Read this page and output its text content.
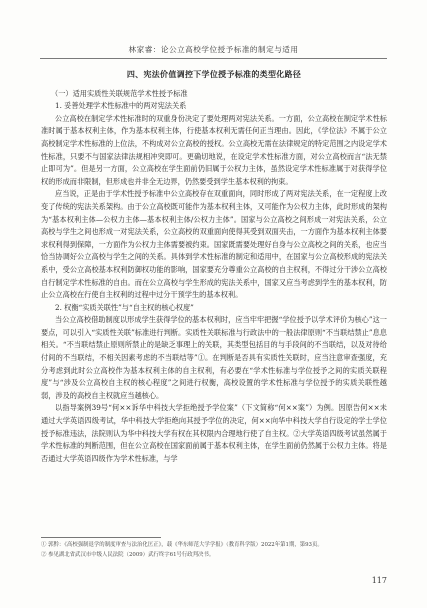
林家睿：论公立高校学位授予标准的制定与适用

四、宪法价值调控下学位授予标准的类型化路径

（一）适用实质性关联规范学术性授予标准

1. 妥善处理学术性标准中的两对宪法关系

公立高校在制定学术性标准时的双重身份决定了要处理两对宪法关系。一方面，公立高校在制定学术性标准时属于基本权利主体，作为基本权利主体，行使基本权利无需任何正当理由。因此，《学位法》不属于公立高校制定学术性标准的上位法，不构成对公立高校的授权。公立高校无需在法律规定的特定范围之内设定学术性标准，只要不与国家法律法规相冲突即可。更确切地说，在设定学术性标准方面，对公立高校而言“法无禁止即可为”。但是另一方面，公立高校在学生面前仍旧属于公权力主体，虽然设定学术性标准属于对获得学位权的形成而非限制，但形成也并非全无边界，仍然要受到学生基本权利的拘束。

应当说，正是由于学术性授予标准中公立高校存在双重面向，同时形成了两对宪法关系，在一定程度上改变了传统的宪法关系架构。由于公立高校既可能作为基本权利主体，又可能作为公权力主体，此时形成的架构为“基本权利主体—公权力主体—基本权利主体/公权力主体”。国家与公立高校之间形成一对宪法关系，公立高校与学生之间也形成一对宪法关系，公立高校的双重面向使得其受到双面夹击，一方面作为基本权利主体要求权利得到保障，一方面作为公权力主体需要被约束。国家既需要处理好自身与公立高校之间的关系，也应当恰当协调好公立高校与学生之间的关系。具体到学术性标准的制定和适用中，在国家与公立高校形成的宪法关系中，受公立高校基本权利防御权功能的影响，国家要充分尊重公立高校的自主权利，不得过分干涉公立高校自行制定学术性标准的自由。而在公立高校与学生形成的宪法关系中，国家又应当考虑到学生的基本权利，防止公立高校在行使自主权利的过程中过分干预学生的基本权利。

2. 权衡“实质关联性”与“自主权的核心权度”

当公立高校借助制度以形成学生获得学位的基本权利时，应当牢牢把握“学位授予以学术评价为核心”这一要点，可以引入“实质性关联”标准进行判断。实质性关联标准与行政法中的一般法律原则“不当联结禁止”息息相关。“不当联结禁止原则所禁止的是缺乏事理上的关联，其类型包括目的与手段间的不当联结，以及对待给付间的不当联结，不相关因素考虑的不当联结等”①。在判断是否具有实质性关联时，应当注意审查强度，充分考虑到此时公立高校作为基本权利主体的自主权利，有必要在“学术性标准与学位授予之间的实质关联程度”与“涉及公立高校自主权的核心程度”之间进行权衡，高校设置的学术性标准与学位授予的实质关联性越弱，涉及的高校自主权就应当越核心。

以指导案例39号“何××诉华中科技大学拒绝授予学位案”（下文简称“何××案”）为例。因原告何××未通过大学英语四级考试，华中科技大学拒绝向其授予学位的决定，何××向华中科技大学自行设定的学士学位授予标准违法，法院则认为华中科技大学有权在其权限内合理地行使了自主权。②大学英语四级考试虽然属于学术性标准的判断范围，但在公立高校在国家面前属于基本权利主体，在学生面前仍然属于公权力主体。将是否通过大学英语四级作为学术性标准，与学

① 郭黔：《高校强制退学的制度审查与法治化匡正》，载《华东师范大学学报》（教育科学版）2022年第1期，第93页。

② 参见湖北省武汉市中级人民法院（2009）武行终字61号行政判决书。

117
